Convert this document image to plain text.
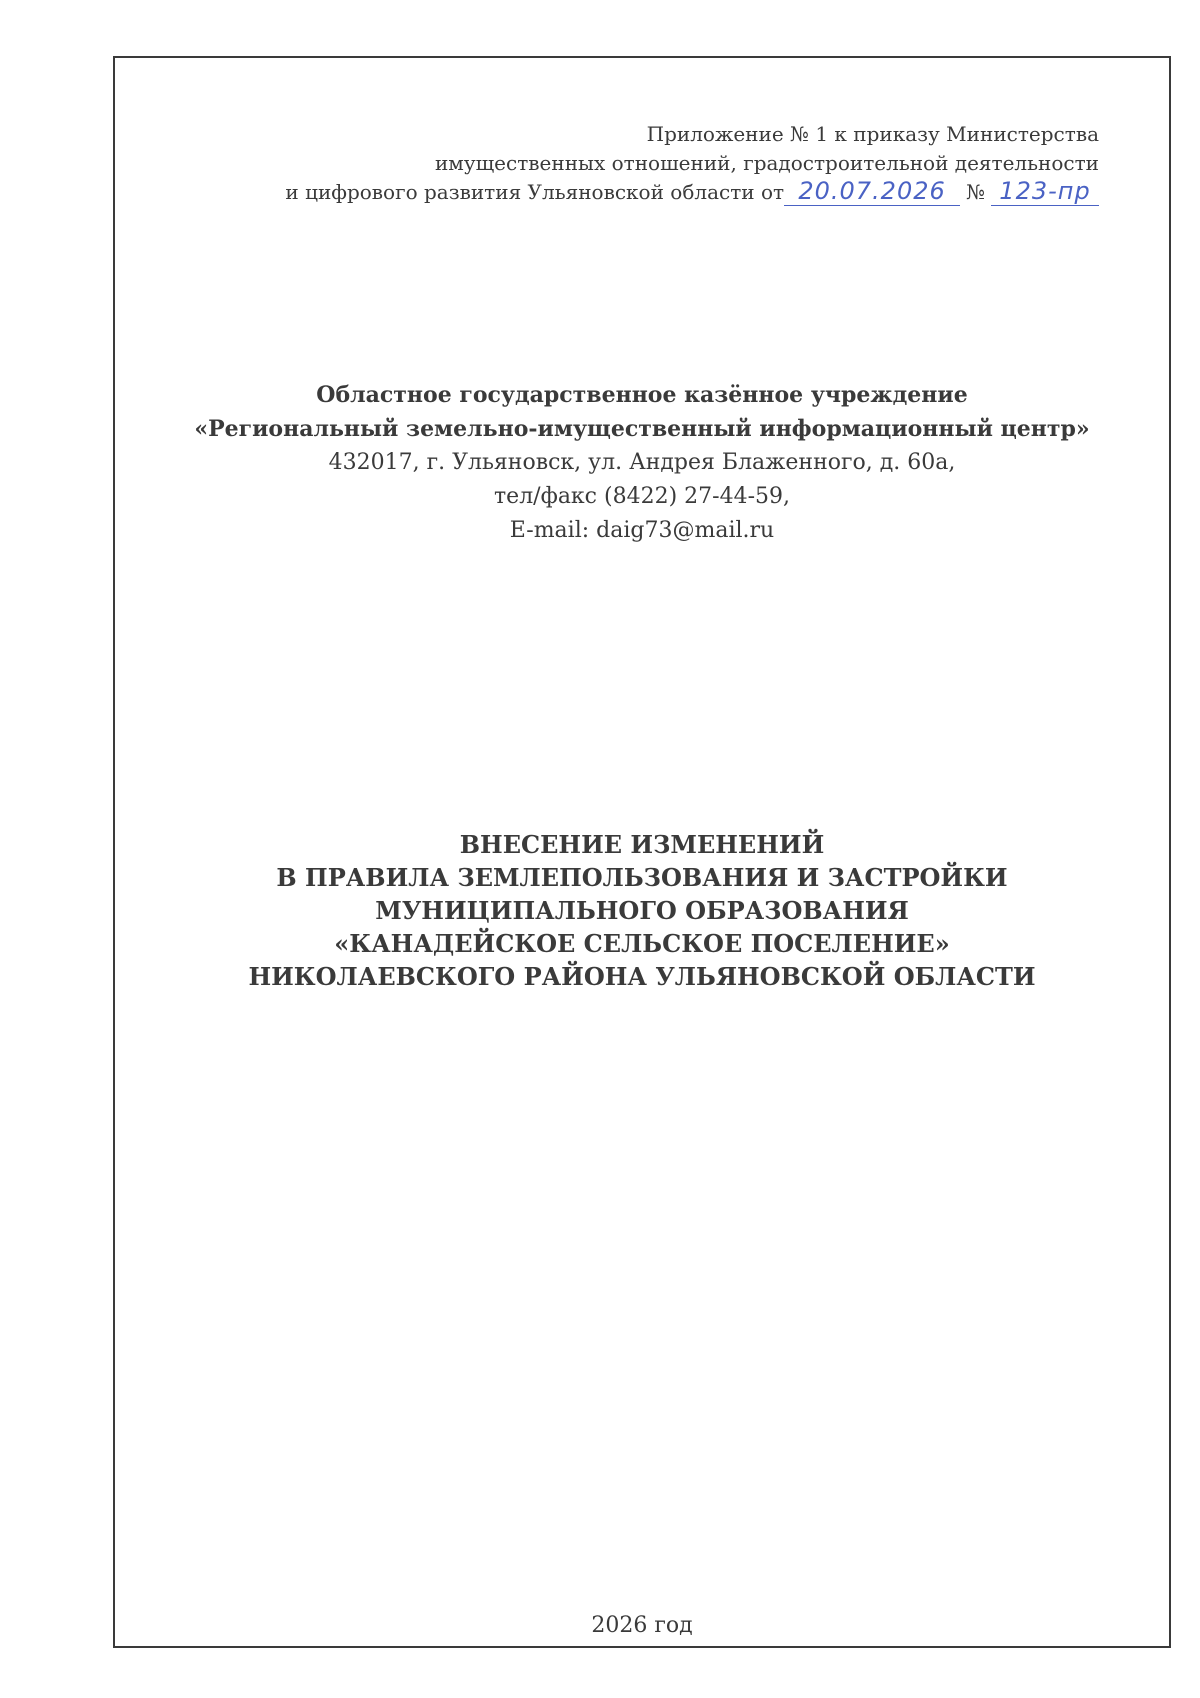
Приложение № 1 к приказу Министерства
имущественных отношений, градостроительной деятельности
и цифрового развития Ульяновской области от 20.07.2026 № 123-пр
Областное государственное казённое учреждение
«Региональный земельно-имущественный информационный центр»
432017, г. Ульяновск, ул. Андрея Блаженного, д. 60а,
тел/факс (8422) 27-44-59,
E-mail: daig73@mail.ru
ВНЕСЕНИЕ ИЗМЕНЕНИЙ
В ПРАВИЛА ЗЕМЛЕПОЛЬЗОВАНИЯ И ЗАСТРОЙКИ
МУНИЦИПАЛЬНОГО ОБРАЗОВАНИЯ
«КАНАДЕЙСКОЕ СЕЛЬСКОЕ ПОСЕЛЕНИЕ»
НИКОЛАЕВСКОГО РАЙОНА УЛЬЯНОВСКОЙ ОБЛАСТИ
2026 год
